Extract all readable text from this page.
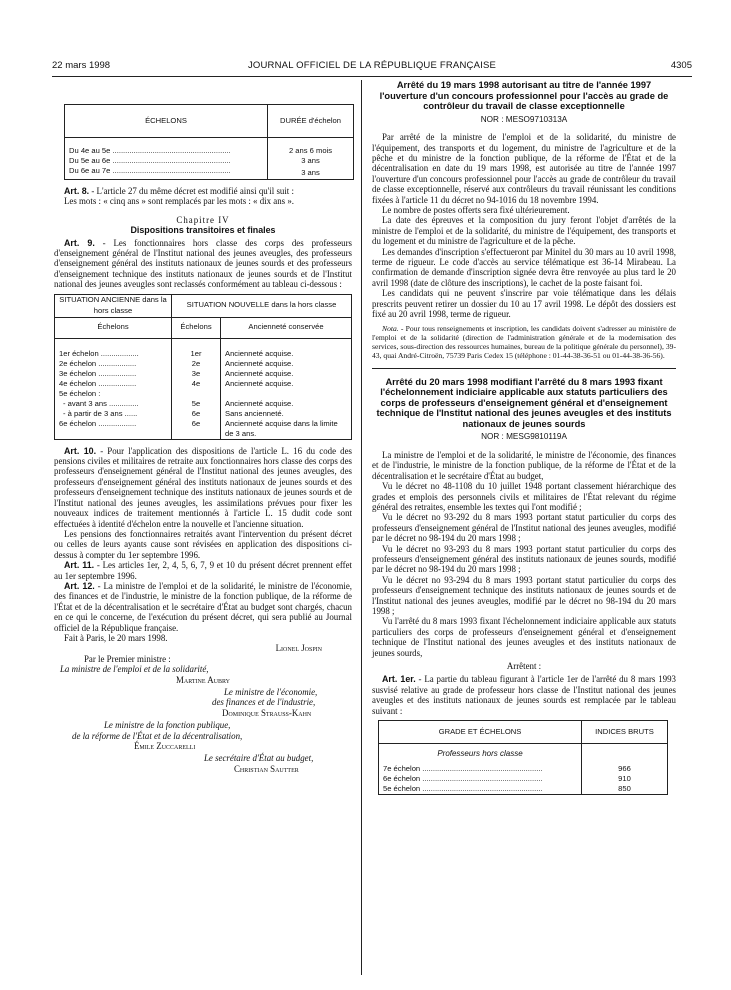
22 mars 1998	JOURNAL OFFICIEL DE LA RÉPUBLIQUE FRANÇAISE	4305
ÉCHELONS	DURÉE d'échelon

Du 4e au 5e ........................................................	2 ans 6 mois
Du 5e au 6e ........................................................	3 ans
Du 6e au 7e ........................................................	3 ans

Art. 8. - L'article 27 du même décret est modifié ainsi qu'il suit :

Les mots : « cinq ans » sont remplacés par les mots : « dix ans ».

Chapitre IV

Dispositions transitoires et finales

Art. 9. - Les fonctionnaires hors classe des corps des professeurs d'enseignement général de l'Institut national des jeunes aveugles, des professeurs d'enseignement général des instituts nationaux de jeunes sourds et des professeurs d'enseignement technique des instituts nationaux de jeunes sourds et de l'Institut national des jeunes aveugles sont reclassés conformément au tableau ci-dessous :

SITUATION ANCIENNE dans la hors classe	SITUATION NOUVELLE dans la hors classe	
Échelons	Échelons	Ancienneté conservée

1er échelon ..................	1er	Ancienneté acquise.
2e échelon ..................	2e	Ancienneté acquise.
3e échelon ..................	3e	Ancienneté acquise.
4e échelon ..................	4e	Ancienneté acquise.
5e échelon :		
- avant 3 ans ..............	5e	Ancienneté acquise.
- à partir de 3 ans ......	6e	Sans ancienneté.
6e échelon ..................	6e	Ancienneté acquise dans la limite de 3 ans.

Art. 10. - Pour l'application des dispositions de l'article L. 16 du code des pensions civiles et militaires de retraite aux fonctionnaires hors classe des corps des professeurs d'enseignement général de l'Institut national des jeunes aveugles, des professeurs d'enseignement général des instituts nationaux de jeunes sourds et des professeurs d'enseignement technique des instituts nationaux de jeunes sourds et de l'Institut national des jeunes aveugles, les assimilations prévues pour fixer les nouveaux indices de traitement mentionnés à l'article L. 15 dudit code sont effectuées à identité d'échelon entre la nouvelle et l'ancienne situation.

Les pensions des fonctionnaires retraités avant l'intervention du présent décret ou celles de leurs ayants cause sont révisées en application des dispositions ci-dessus à compter du 1er septembre 1996.

Art. 11. - Les articles 1er, 2, 4, 5, 6, 7, 9 et 10 du présent décret prennent effet au 1er septembre 1996.

Art. 12. - La ministre de l'emploi et de la solidarité, le ministre de l'économie, des finances et de l'industrie, le ministre de la fonction publique, de la réforme de l'État et de la décentralisation et le secrétaire d'État au budget sont chargés, chacun en ce qui le concerne, de l'exécution du présent décret, qui sera publié au Journal officiel de la République française.

Fait à Paris, le 20 mars 1998.

Lionel Jospin

Par le Premier ministre :

La ministre de l'emploi et de la solidarité,

Martine Aubry

Le ministre de l'économie,

des finances et de l'industrie,

Dominique Strauss-Kahn

Le ministre de la fonction publique,

de la réforme de l'État et de la décentralisation,

Émile Zuccarelli

Le secrétaire d'État au budget,

Christian Sautter

Arrêté du 19 mars 1998 autorisant au titre de l'année 1997 l'ouverture d'un concours professionnel pour l'accès au grade de contrôleur du travail de classe exceptionnelle
NOR : MESO9710313A

Par arrêté de la ministre de l'emploi et de la solidarité, du ministre de l'équipement, des transports et du logement, du ministre de l'agriculture et de la pêche et du ministre de la fonction publique, de la réforme de l'État et de la décentralisation en date du 19 mars 1998, est autorisée au titre de l'année 1997 l'ouverture d'un concours professionnel pour l'accès au grade de contrôleur du travail de classe exceptionnelle, réservé aux contrôleurs du travail réunissant les conditions fixées à l'article 11 du décret no 94-1016 du 18 novembre 1994.

Le nombre de postes offerts sera fixé ultérieurement.

La date des épreuves et la composition du jury feront l'objet d'arrêtés de la ministre de l'emploi et de la solidarité, du ministre de l'équipement, des transports et du logement et du ministre de l'agriculture et de la pêche.

Les demandes d'inscription s'effectueront par Minitel du 30 mars au 10 avril 1998, terme de rigueur. Le code d'accès au service télématique est 36-14 Mirabeau. La confirmation de demande d'inscription signée devra être renvoyée au plus tard le 20 avril 1998 (date de clôture des inscriptions), le cachet de la poste faisant foi.

Les candidats qui ne peuvent s'inscrire par voie télématique dans les délais prescrits peuvent retirer un dossier du 10 au 17 avril 1998. Le dépôt des dossiers est fixé au 20 avril 1998, terme de rigueur.

Nota. - Pour tous renseignements et inscription, les candidats doivent s'adresser au ministère de l'emploi et de la solidarité (direction de l'administration générale et de la modernisation des services, sous-direction des ressources humaines, bureau de la politique générale du personnel), 39-43, quai André-Citroën, 75739 Paris Cedex 15 (téléphone : 01-44-38-36-51 ou 01-44-38-36-56).

Arrêté du 20 mars 1998 modifiant l'arrêté du 8 mars 1993 fixant l'échelonnement indiciaire applicable aux statuts particuliers des corps de professeurs d'enseignement général et d'enseignement technique de l'Institut national des jeunes aveugles et des instituts nationaux de jeunes sourds
NOR : MESG9810119A

La ministre de l'emploi et de la solidarité, le ministre de l'économie, des finances et de l'industrie, le ministre de la fonction publique, de la réforme de l'État et de la décentralisation et le secrétaire d'État au budget,

Vu le décret no 48-1108 du 10 juillet 1948 portant classement hiérarchique des grades et emplois des personnels civils et militaires de l'État relevant du régime général des retraites, ensemble les textes qui l'ont modifié ;

Vu le décret no 93-292 du 8 mars 1993 portant statut particulier du corps des professeurs d'enseignement général de l'Institut national des jeunes aveugles, modifié par le décret no 98-194 du 20 mars 1998 ;

Vu le décret no 93-293 du 8 mars 1993 portant statut particulier du corps des professeurs d'enseignement général des instituts nationaux de jeunes sourds, modifié par le décret no 98-194 du 20 mars 1998 ;

Vu le décret no 93-294 du 8 mars 1993 portant statut particulier du corps des professeurs d'enseignement technique des instituts nationaux de jeunes sourds et de l'Institut national des jeunes aveugles, modifié par le décret no 98-194 du 20 mars 1998 ;

Vu l'arrêté du 8 mars 1993 fixant l'échelonnement indiciaire applicable aux statuts particuliers des corps de professeurs d'enseignement général et d'enseignement technique de l'Institut national des jeunes aveugles et des instituts nationaux de jeunes sourds,

Arrêtent :

Art. 1er. - La partie du tableau figurant à l'article 1er de l'arrêté du 8 mars 1993 susvisé relative au grade de professeur hors classe de l'Institut national des jeunes aveugles et des instituts nationaux de jeunes sourds est remplacée par le tableau suivant :

GRADE ET ÉCHELONS	INDICES BRUTS
Professeurs hors classe	
7e échelon .........................................................	966
6e échelon .........................................................	910
5e échelon .........................................................	850
